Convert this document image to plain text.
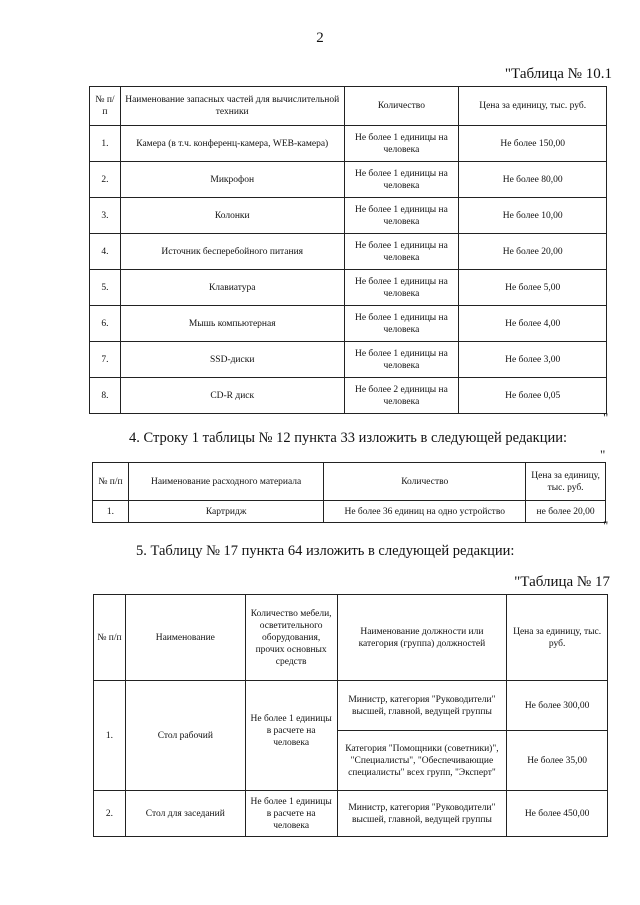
2
"Таблица № 10.1
№ п/п	Наименование запасных частей для вычислительной техники	Количество	Цена за единицу, тыс. руб.
1.	Камера (в т.ч. конференц-камера, WEB-камера)	Не более 1 единицы на человека	Не более 150,00
2.	Микрофон	Не более 1 единицы на человека	Не более 80,00
3.	Колонки	Не более 1 единицы на человека	Не более 10,00
4.	Источник бесперебойного питания	Не более 1 единицы на человека	Не более 20,00
5.	Клавиатура	Не более 1 единицы на человека	Не более 5,00
6.	Мышь компьютерная	Не более 1 единицы на человека	Не более 4,00
7.	SSD-диски	Не более 1 единицы на человека	Не более 3,00
8.	CD-R диск	Не более 2 единицы на человека	Не более 0,05
"
4. Строку 1 таблицы № 12 пункта 33 изложить в следующей редакции:
"
№ п/п	Наименование расходного материала	Количество	Цена за единицу, тыс. руб.
1.	Картридж	Не более 36 единиц на одно устройство	не более 20,00
"
5. Таблицу № 17 пункта 64 изложить в следующей редакции:
"Таблица № 17
№ п/п	Наименование	Количество мебели, осветительного оборудования, прочих основных средств	Наименование должности или категория (группа) должностей	Цена за единицу, тыс. руб.
1.	Стол рабочий	Не более 1 единицы в расчете на человека	Министр, категория "Руководители" высшей, главной, ведущей группы	Не более 300,00
			Категория "Помощники (советники)", "Специалисты", "Обеспечивающие специалисты" всех групп, "Эксперт"	Не более 35,00
2.	Стол для заседаний	Не более 1 единицы в расчете на человека	Министр, категория "Руководители" высшей, главной, ведущей группы	Не более 450,00
